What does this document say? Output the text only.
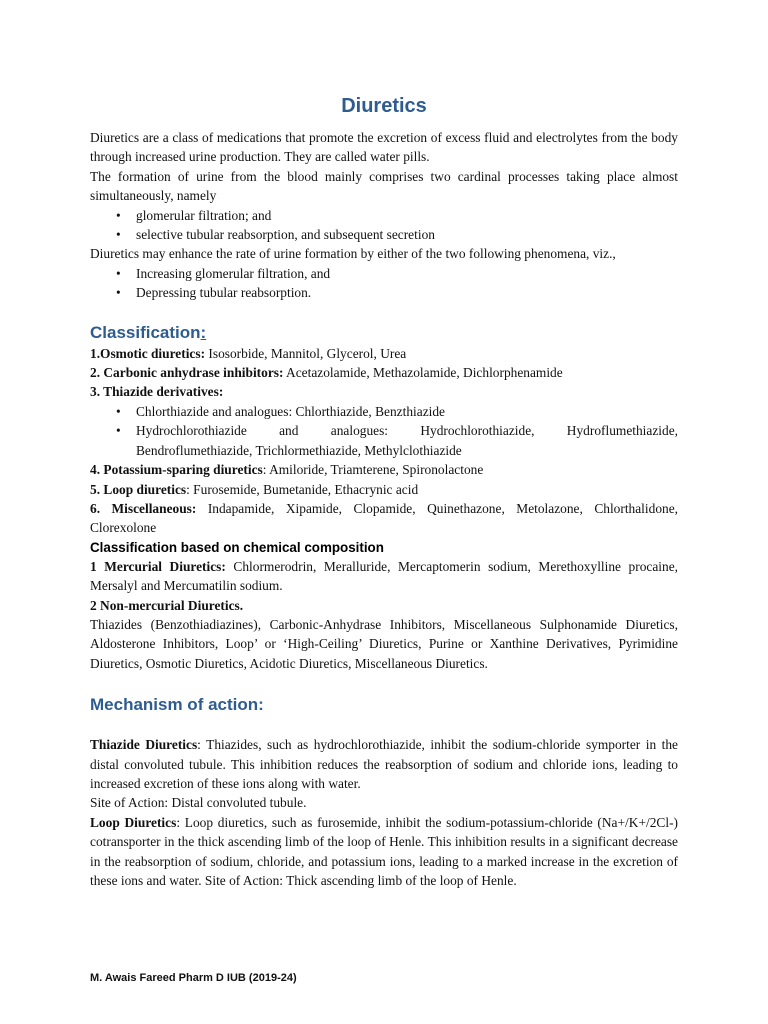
Diuretics

Diuretics are a class of medications that promote the excretion of excess fluid and electrolytes from the body through increased urine production. They are called water pills.

The formation of urine from the blood mainly comprises two cardinal processes taking place almost simultaneously, namely

• glomerular filtration; and
• selective tubular reabsorption, and subsequent secretion

Diuretics may enhance the rate of urine formation by either of the two following phenomena, viz.,

• Increasing glomerular filtration, and
• Depressing tubular reabsorption.
Classification:

1.Osmotic diuretics: Isosorbide, Mannitol, Glycerol, Urea

2. Carbonic anhydrase inhibitors: Acetazolamide, Methazolamide, Dichlorphenamide

3. Thiazide derivatives:

• Chlorthiazide and analogues: Chlorthiazide, Benzthiazide
• Hydrochlorothiazide and analogues: Hydrochlorothiazide, Hydroflumethiazide, Bendroflumethiazide, Trichlormethiazide, Methylclothiazide

4. Potassium-sparing diuretics: Amiloride, Triamterene, Spironolactone

5. Loop diuretics: Furosemide, Bumetanide, Ethacrynic acid

6. Miscellaneous: Indapamide, Xipamide, Clopamide, Quinethazone, Metolazone, Chlorthalidone, Clorexolone

Classification based on chemical composition

1 Mercurial Diuretics: Chlormerodrin, Meralluride, Mercaptomerin sodium, Merethoxylline procaine, Mersalyl and Mercumatilin sodium.

2 Non-mercurial Diuretics.

Thiazides (Benzothiadiazines), Carbonic-Anhydrase Inhibitors, Miscellaneous Sulphonamide Diuretics, Aldosterone Inhibitors, Loop’ or ‘High-Ceiling’ Diuretics, Purine or Xanthine Derivatives, Pyrimidine Diuretics, Osmotic Diuretics, Acidotic Diuretics, Miscellaneous Diuretics.

Mechanism of action:

Thiazide Diuretics: Thiazides, such as hydrochlorothiazide, inhibit the sodium-chloride symporter in the distal convoluted tubule. This inhibition reduces the reabsorption of sodium and chloride ions, leading to increased excretion of these ions along with water.

Site of Action: Distal convoluted tubule.

Loop Diuretics: Loop diuretics, such as furosemide, inhibit the sodium-potassium-chloride (Na+/K+/2Cl-) cotransporter in the thick ascending limb of the loop of Henle. This inhibition results in a significant decrease in the reabsorption of sodium, chloride, and potassium ions, leading to a marked increase in the excretion of these ions and water. Site of Action: Thick ascending limb of the loop of Henle.

M. Awais Fareed Pharm D IUB (2019-24)
